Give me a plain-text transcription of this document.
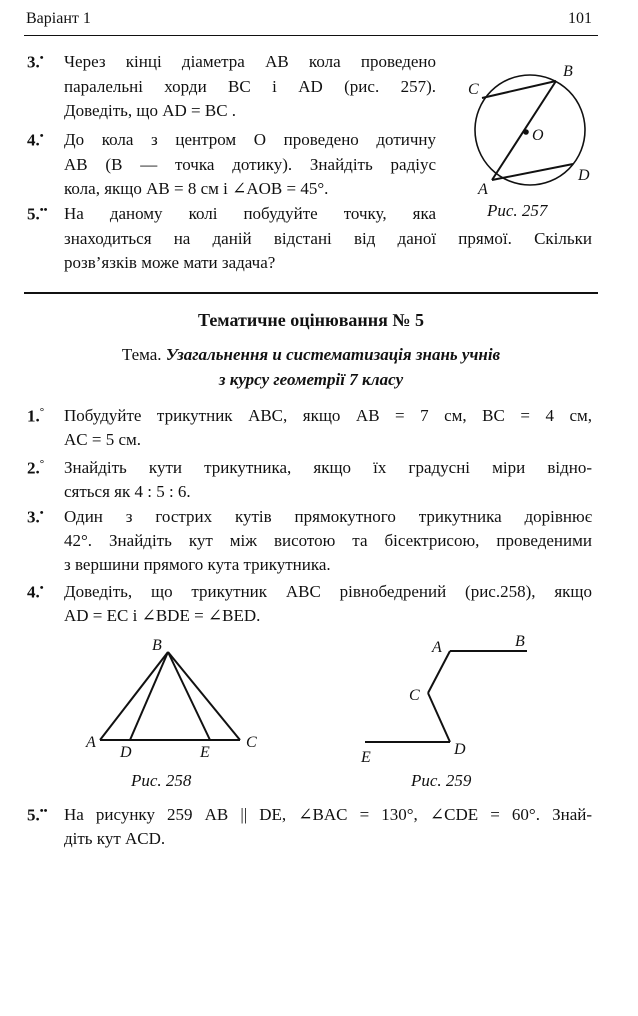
Варіант 1	101
3.• Через кінці діаметра AB кола проведено
паралельні хорди BC і AD (рис. 257).
Доведіть, що AD = BC .
4.• До кола з центром O проведено дотичну
AB (B — точка дотику). Знайдіть радіус
кола, якщо AB = 8 см і ∠AOB = 45°.
5.•• На даному колі побудуйте точку, яка
знаходиться на даній відстані від даної прямої. Скільки
розв’язків може мати задача?
B
C
O
D
A
Рис. 257
Тематичне оцінювання № 5
Тема. Узагальнення и систематизація знань учнів
з курсу геометрії 7 класу
1.° Побудуйте трикутник ABC, якщо AB = 7 см, BC = 4 см,
AC = 5 см.
2.° Знайдіть кути трикутника, якщо їх градусні міри відно-
сяться як 4 : 5 : 6.
3.• Один з гострих кутів прямокутного трикутника дорівнює
42°. Знайдіть кут між висотою та бісектрисою, проведеними
з вершини прямого кута трикутника.
4.• Доведіть, що трикутник ABC рівнобедрений (рис.258), якщо
AD = EC і ∠BDE = ∠BED.
B
A
D	E
C
Рис. 258
A	B
C
D
E
Рис. 259
5.•• На рисунку 259 AB || DE, ∠BAC = 130°, ∠CDE = 60°. Знай-
діть кут ACD.
